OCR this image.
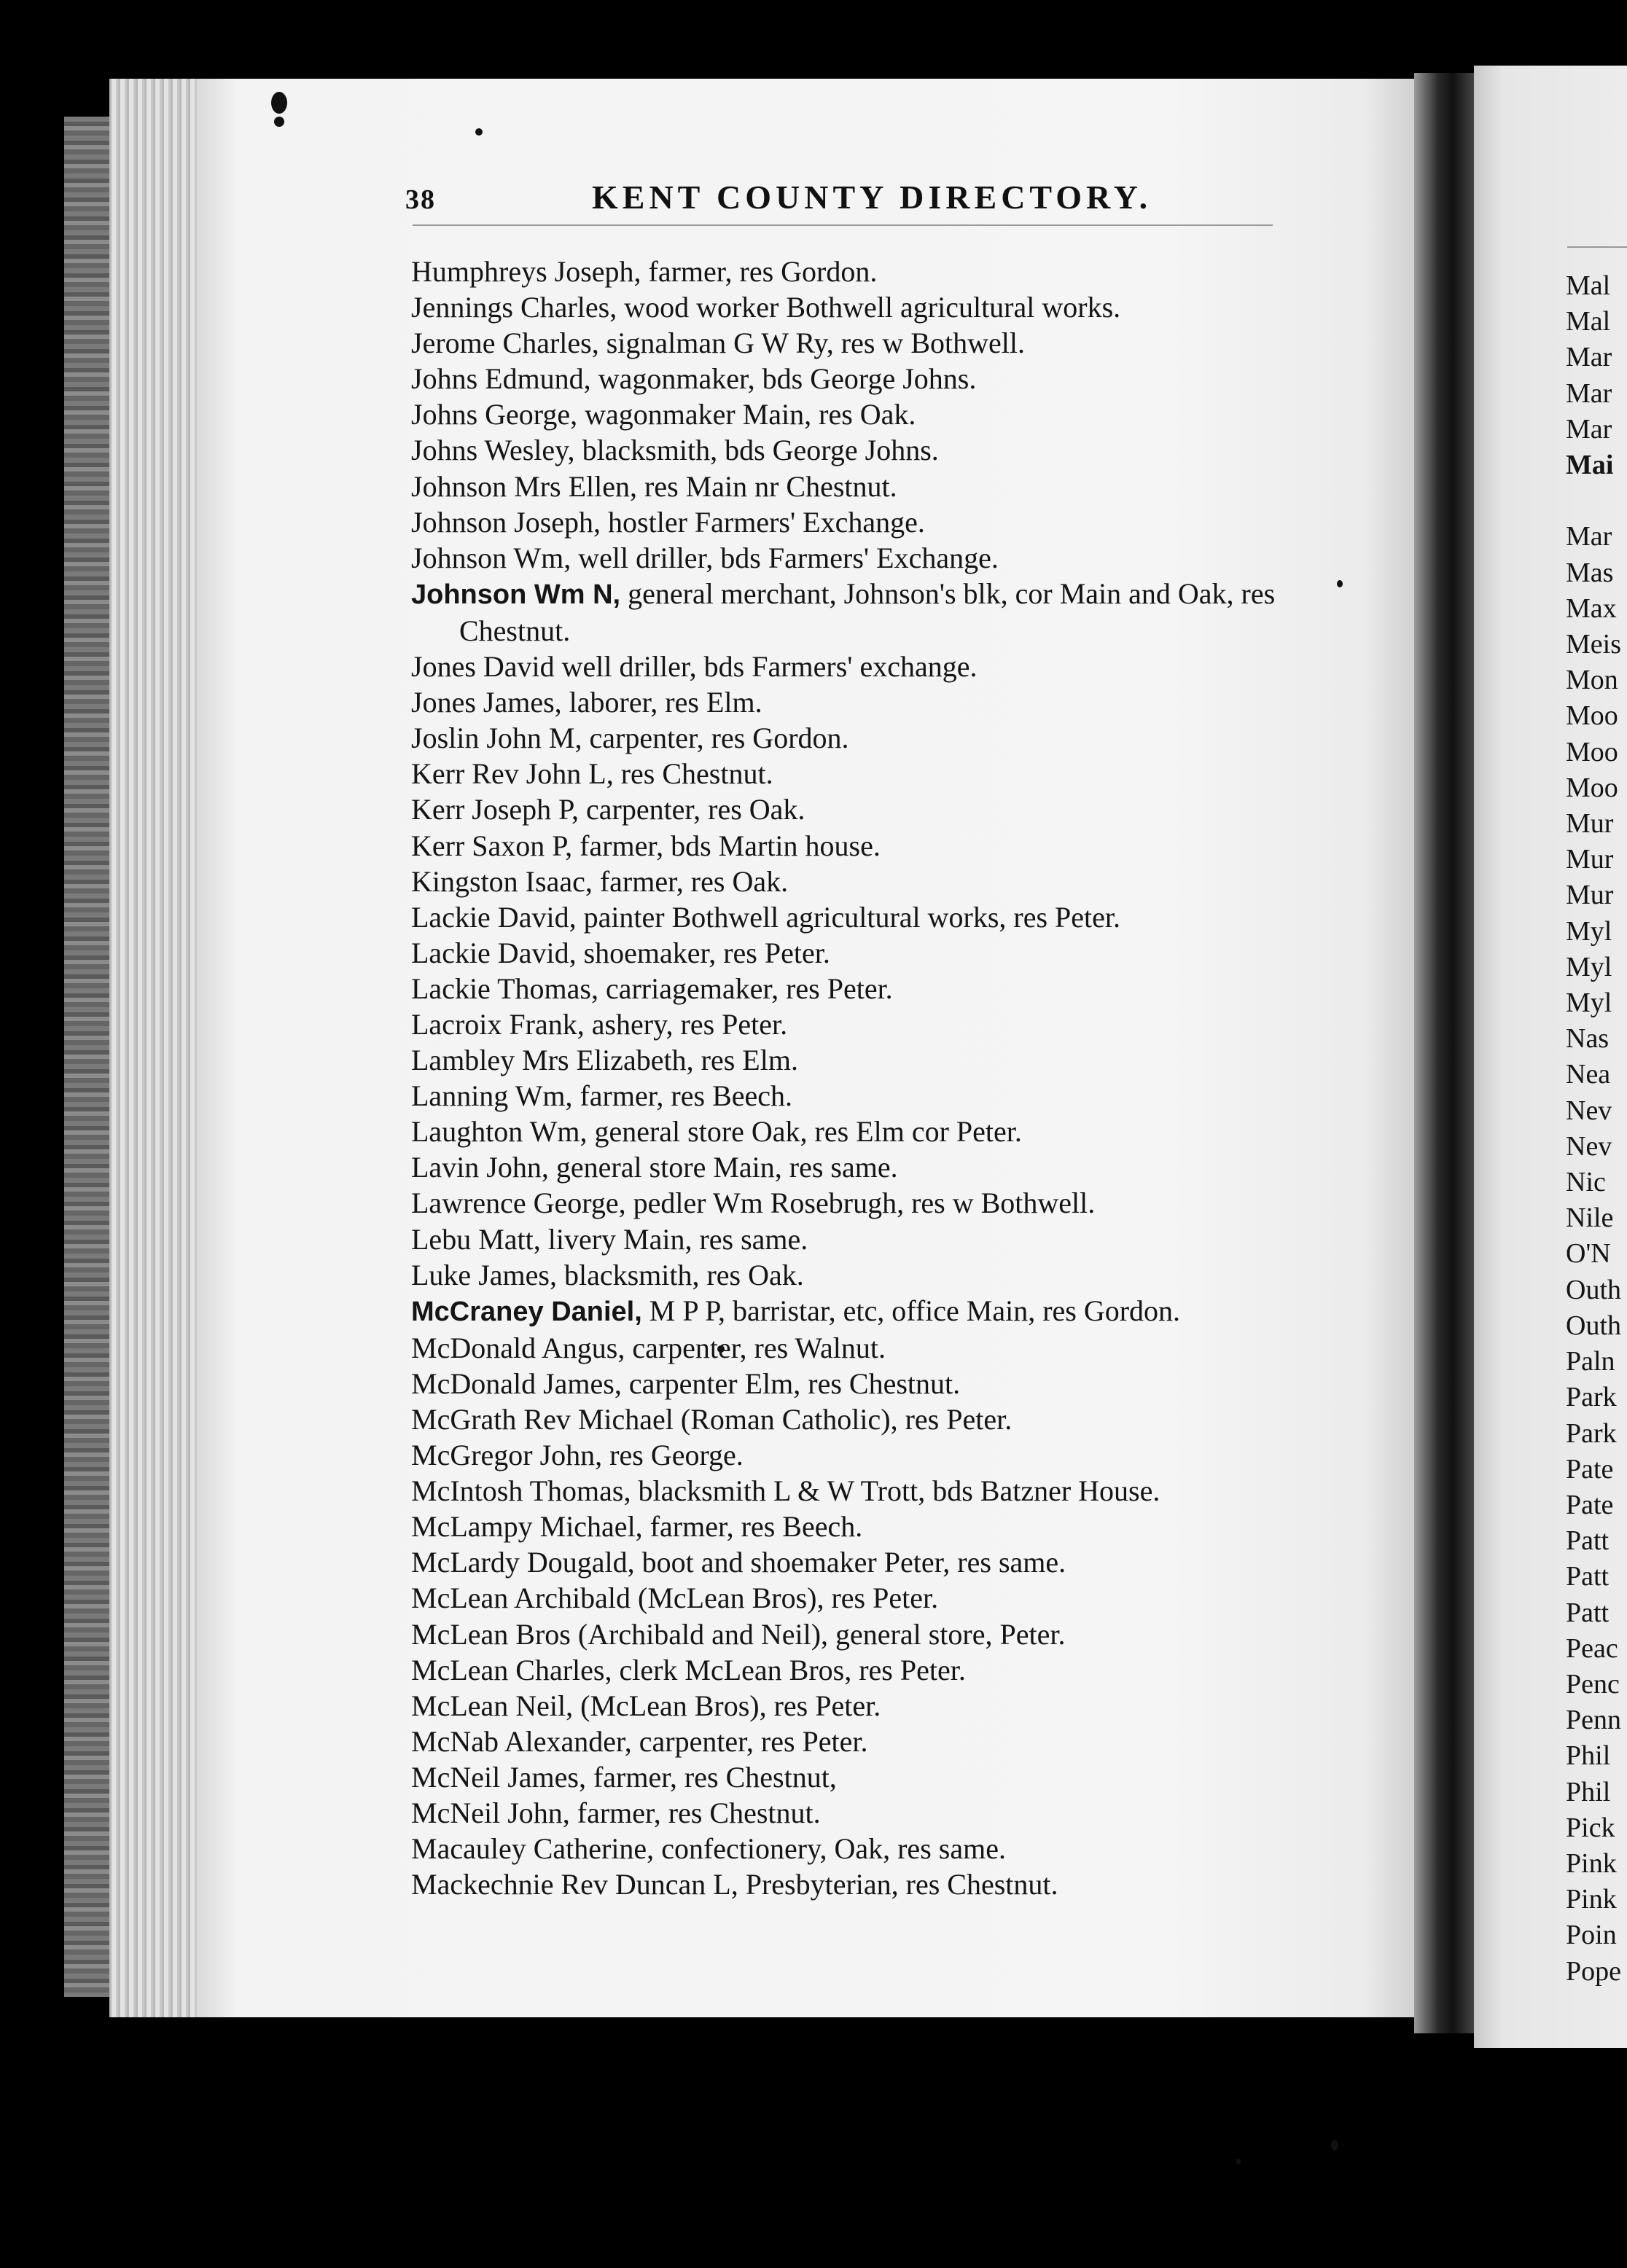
38	KENT COUNTY DIRECTORY.

Humphreys Joseph, farmer, res Gordon.

Jennings Charles, wood worker Bothwell agricultural works.

Jerome Charles, signalman G W Ry, res w Bothwell.

Johns Edmund, wagonmaker, bds George Johns.

Johns George, wagonmaker Main, res Oak.

Johns Wesley, blacksmith, bds George Johns.

Johnson Mrs Ellen, res Main nr Chestnut.

Johnson Joseph, hostler Farmers' Exchange.

Johnson Wm, well driller, bds Farmers' Exchange.

Johnson Wm N, general merchant, Johnson's blk, cor Main and Oak, res Chestnut.

Jones David well driller, bds Farmers' exchange.

Jones James, laborer, res Elm.

Joslin John M, carpenter, res Gordon.

Kerr Rev John L, res Chestnut.

Kerr Joseph P, carpenter, res Oak.

Kerr Saxon P, farmer, bds Martin house.

Kingston Isaac, farmer, res Oak.

Lackie David, painter Bothwell agricultural works, res Peter.

Lackie David, shoemaker, res Peter.

Lackie Thomas, carriagemaker, res Peter.

Lacroix Frank, ashery, res Peter.

Lambley Mrs Elizabeth, res Elm.

Lanning Wm, farmer, res Beech.

Laughton Wm, general store Oak, res Elm cor Peter.

Lavin John, general store Main, res same.

Lawrence George, pedler Wm Rosebrugh, res w Bothwell.

Lebu Matt, livery Main, res same.

Luke James, blacksmith, res Oak.

McCraney Daniel, M P P, barristar, etc, office Main, res Gordon.

McDonald Angus, carpenter, res Walnut.

McDonald James, carpenter Elm, res Chestnut.

McGrath Rev Michael (Roman Catholic), res Peter.

McGregor John, res George.

McIntosh Thomas, blacksmith L & W Trott, bds Batzner House.

McLampy Michael, farmer, res Beech.

McLardy Dougald, boot and shoemaker Peter, res same.

McLean Archibald (McLean Bros), res Peter.

McLean Bros (Archibald and Neil), general store, Peter.

McLean Charles, clerk McLean Bros, res Peter.

McLean Neil, (McLean Bros), res Peter.

McNab Alexander, carpenter, res Peter.

McNeil James, farmer, res Chestnut,

McNeil John, farmer, res Chestnut.

Macauley Catherine, confectionery, Oak, res same.

Mackechnie Rev Duncan L, Presbyterian, res Chestnut.

Mal
Mal
Mar
Mar
Mar
Mai

Mar
Mas
Max
Meis
Mon
Moo
Moo
Moo
Mur
Mur
Mur
Myl
Myl
Myl
Nas
Nea
Nev
Nev
Nic
Nile
O'N
Outh
Outh
Paln
Park
Park
Pate
Pate
Patt
Patt
Patt
Peac
Penc
Penn
Phil
Phil
Pick
Pink
Pink
Poin
Pope
